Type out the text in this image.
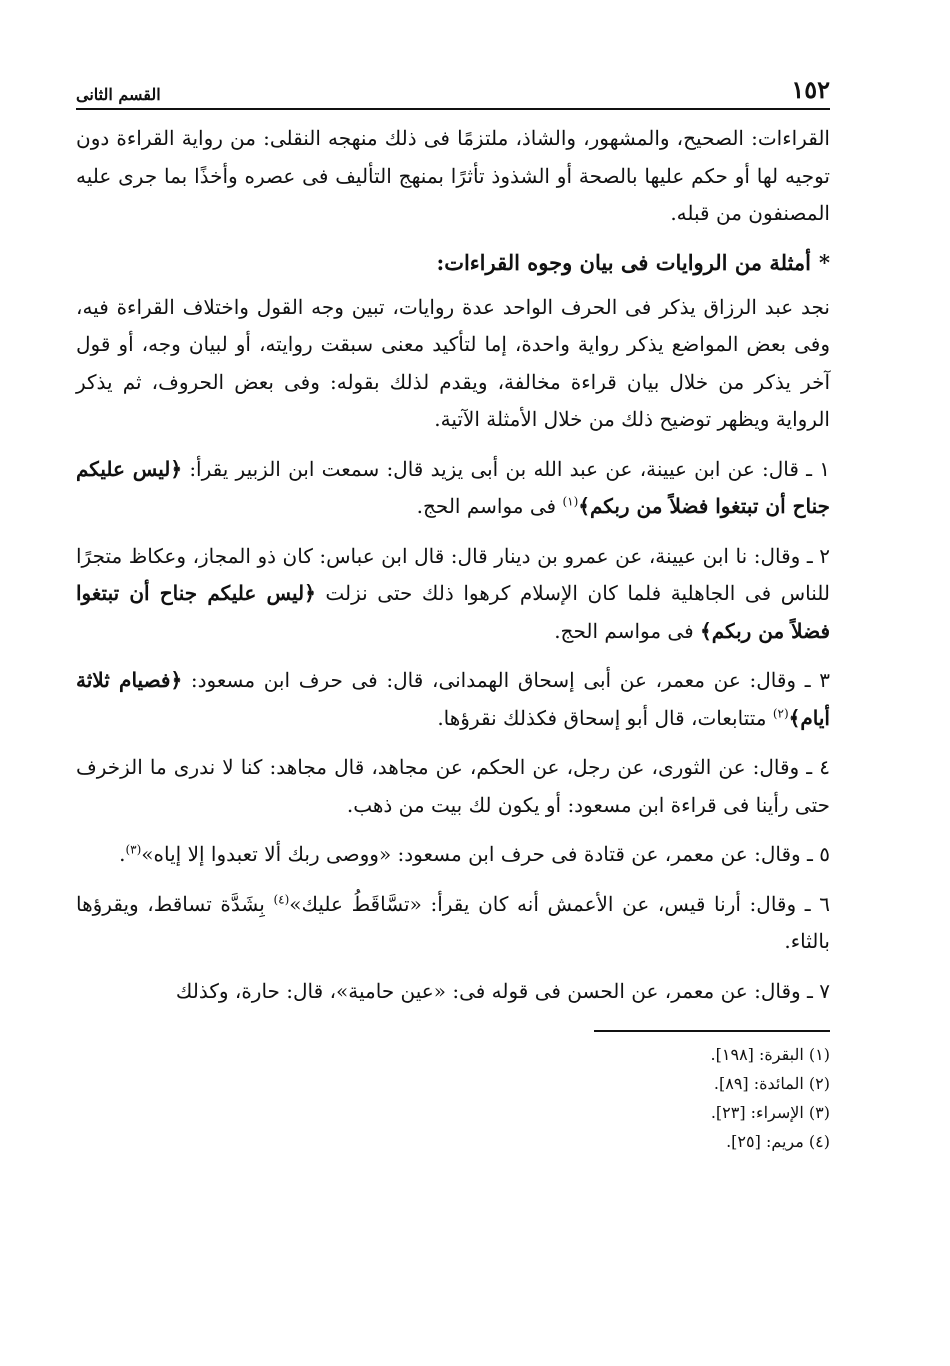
١٥٢
القسم الثانى

القراءات: الصحيح، والمشهور، والشاذ، ملتزمًا فى ذلك منهجه النقلى: من رواية القراءة دون توجيه لها أو حكم عليها بالصحة أو الشذوذ تأثرًا بمنهج التأليف فى عصره وأخذًا بما جرى عليه المصنفون من قبله.

*أمثلة من الروايات فى بيان وجوه القراءات:

نجد عبد الرزاق يذكر فى الحرف الواحد عدة روايات، تبين وجه القول واختلاف القراءة فيه، وفى بعض المواضع يذكر رواية واحدة، إما لتأكيد معنى سبقت روايته، أو لبيان وجه، أو قول آخر يذكر من خلال بيان قراءة مخالفة، ويقدم لذلك بقوله: وفى بعض الحروف، ثم يذكر الرواية ويظهر توضيح ذلك من خلال الأمثلة الآتية.

١ ـ قال: عن ابن عيينة، عن عبد الله بن أبى يزيد قال: سمعت ابن الزبير يقرأ: ﴿ليس عليكم جناح أن تبتغوا فضلاً من ربكم﴾$^{(١)}$ فى مواسم الحج.

٢ ـ وقال: نا ابن عيينة، عن عمرو بن دينار قال: قال ابن عباس: كان ذو المجاز، وعكاظ متجرًا للناس فى الجاهلية فلما كان الإسلام كرهوا ذلك حتى نزلت ﴿ليس عليكم جناح أن تبتغوا فضلاً من ربكم﴾ فى مواسم الحج.

٣ ـ وقال: عن معمر، عن أبى إسحاق الهمدانى، قال: فى حرف ابن مسعود: ﴿فصيام ثلاثة أيام﴾$^{(٢)}$ متتابعات، قال أبو إسحاق فكذلك نقرؤها.

٤ ـ وقال: عن الثورى، عن رجل، عن الحكم، عن مجاهد، قال مجاهد: كنا لا ندرى ما الزخرف حتى رأينا فى قراءة ابن مسعود: أو يكون لك بيت من ذهب.

٥ ـ وقال: عن معمر، عن قتادة فى حرف ابن مسعود: «ووصى ربك ألا تعبدوا إلا إياه»$^{(٣)}$.

٦ ـ وقال: أرنا قيس، عن الأعمش أنه كان يقرأ: «تسَّاقَطُ عليك»$^{(٤)}$ بِشَدَّة تساقط، ويقرؤها بالثاء.

٧ ـ وقال: عن معمر، عن الحسن فى قوله فى: «عين حامية»، قال: حارة، وكذلك

(١) البقرة: [١٩٨].

(٢) المائدة: [٨٩].

(٣) الإسراء: [٢٣].

(٤) مريم: [٢٥].
